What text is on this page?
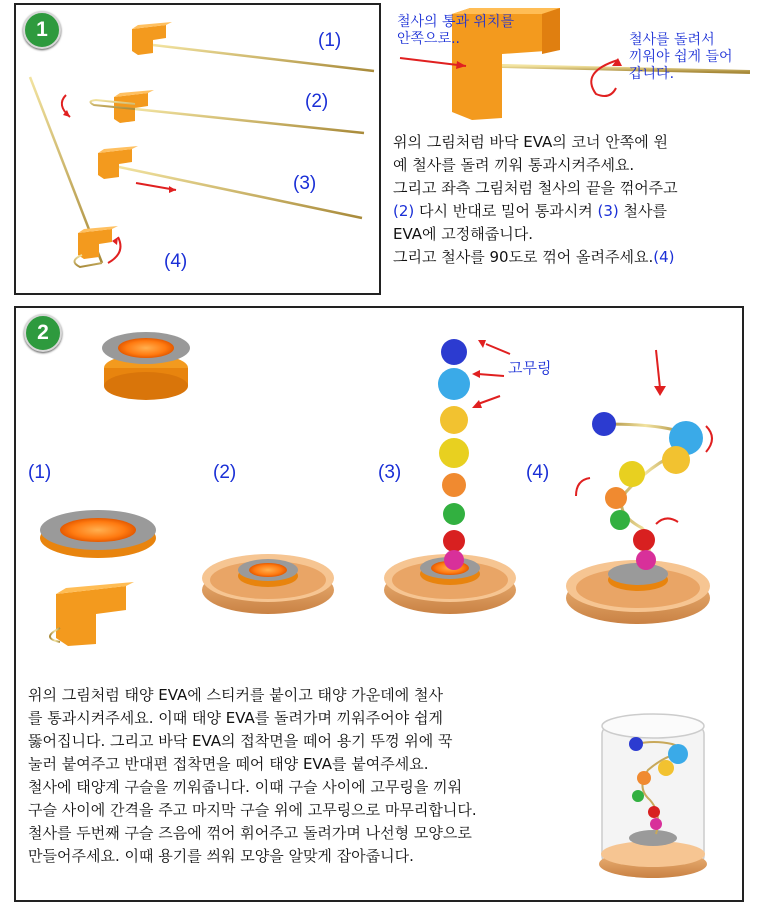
1	(1)
(2)
(3)
(4)
철사의 통과 위치를
안쪽으로..	철사를 돌려서
끼워야 쉽게 들어
갑니다.
위의 그림처럼 바닥 EVA의 코너 안쪽에 원
예 철사를 돌려 끼워 통과시켜주세요.
그리고 좌측 그림처럼 철사의 끝을 꺾어주고
(2) 다시 반대로 밀어 통과시켜 (3) 철사를
EVA에 고정해줍니다.
그리고 철사를 90도로 꺾어 올려주세요.(4)
2
(1)	(2)	(3)	(4)
고무링
위의 그림처럼 태양 EVA에 스티커를 붙이고 태양 가운데에 철사
를 통과시켜주세요. 이때 태양 EVA를 돌려가며 끼워주어야 쉽게
뚫어집니다. 그리고 바닥 EVA의 접착면을 떼어 용기 뚜껑 위에 꾹
눌러 붙여주고 반대편 접착면을 떼어 태양 EVA를 붙여주세요.
철사에 태양계 구슬을 끼워줍니다. 이때 구슬 사이에 고무링을 끼워
구슬 사이에 간격을 주고 마지막 구슬 위에 고무링으로 마무리합니다.
철사를 두번째 구슬 즈음에 꺾어 휘어주고 돌려가며 나선형 모양으로
만들어주세요. 이때 용기를 씌워 모양을 알맞게 잡아줍니다.
